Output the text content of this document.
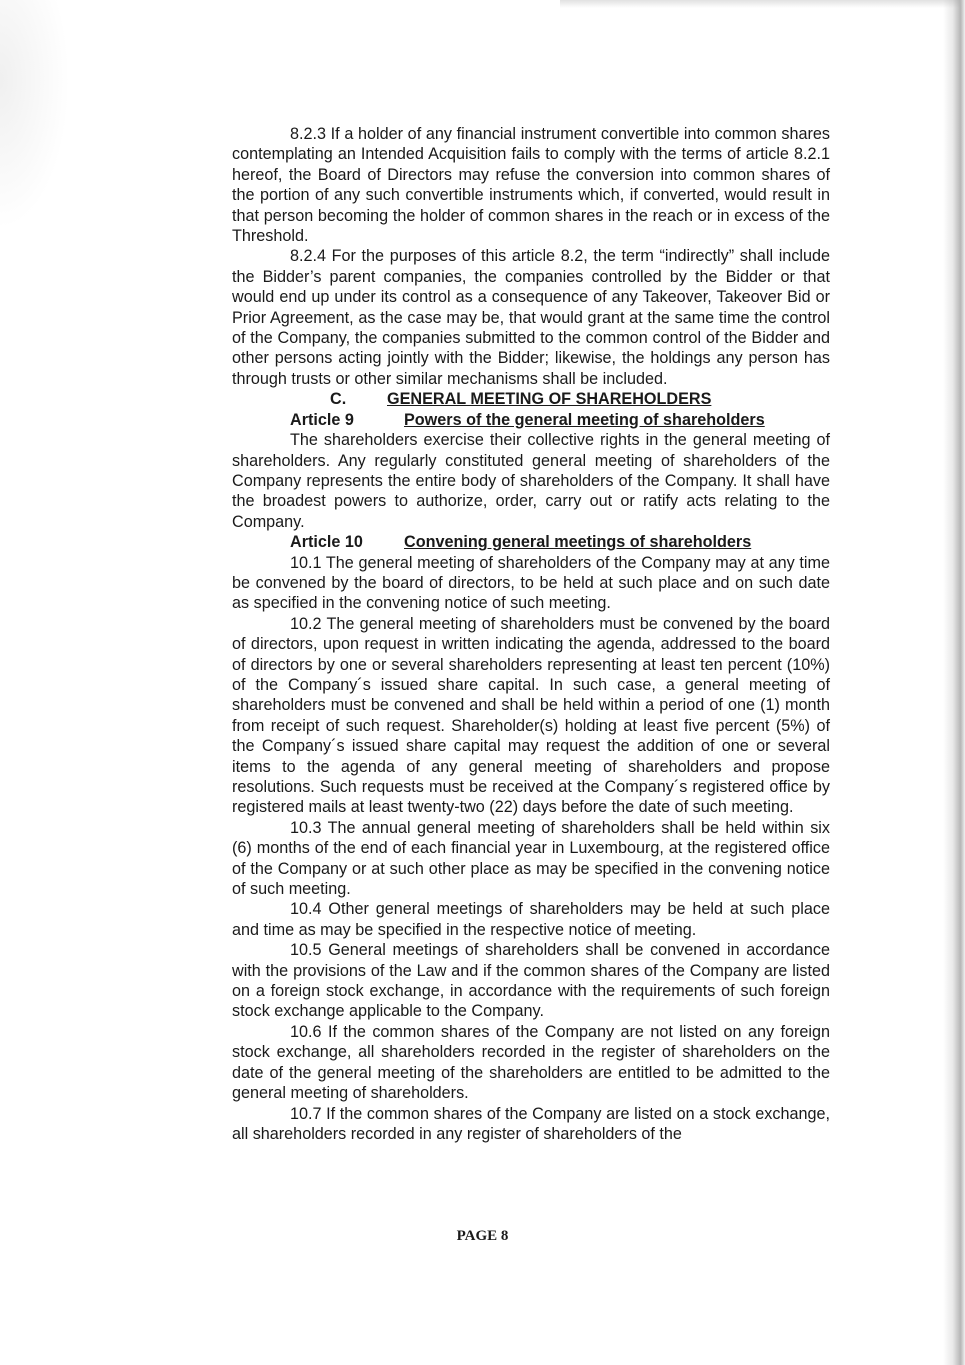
8.2.3 If a holder of any financial instrument convertible into common shares contemplating an Intended Acquisition fails to comply with the terms of article 8.2.1 hereof, the Board of Directors may refuse the conversion into common shares of the portion of any such convertible instruments which, if converted, would result in that person becoming the holder of common shares in the reach or in excess of the Threshold.

8.2.4 For the purposes of this article 8.2, the term “indirectly” shall include the Bidder’s parent companies, the companies controlled by the Bidder or that would end up under its control as a consequence of any Takeover, Takeover Bid or Prior Agreement, as the case may be, that would grant at the same time the control of the Company, the companies submitted to the common control of the Bidder and other persons acting jointly with the Bidder; likewise, the holdings any person has through trusts or other similar mechanisms shall be included.

C.	GENERAL MEETING OF SHAREHOLDERS
Article 9	Powers of the general meeting of shareholders

The shareholders exercise their collective rights in the general meeting of shareholders. Any regularly constituted general meeting of shareholders of the Company represents the entire body of shareholders of the Company. It shall have the broadest powers to authorize, order, carry out or ratify acts relating to the Company.

Article 10	Convening general meetings of shareholders

10.1 The general meeting of shareholders of the Company may at any time be convened by the board of directors, to be held at such place and on such date as specified in the convening notice of such meeting.

10.2 The general meeting of shareholders must be convened by the board of directors, upon request in written indicating the agenda, addressed to the board of directors by one or several shareholders representing at least ten percent (10%) of the Company´s issued share capital. In such case, a general meeting of shareholders must be convened and shall be held within a period of one (1) month from receipt of such request. Shareholder(s) holding at least five percent (5%) of the Company´s issued share capital may request the addition of one or several items to the agenda of any general meeting of shareholders and propose resolutions. Such requests must be received at the Company´s registered office by registered mails at least twenty-two (22) days before the date of such meeting.

10.3 The annual general meeting of shareholders shall be held within six (6) months of the end of each financial year in Luxembourg, at the registered office of the Company or at such other place as may be specified in the convening notice of such meeting.

10.4 Other general meetings of shareholders may be held at such place and time as may be specified in the respective notice of meeting.

10.5 General meetings of shareholders shall be convened in accordance with the provisions of the Law and if the common shares of the Company are listed on a foreign stock exchange, in accordance with the requirements of such foreign stock exchange applicable to the Company.

10.6 If the common shares of the Company are not listed on any foreign stock exchange, all shareholders recorded in the register of shareholders on the date of the general meeting of the shareholders are entitled to be admitted to the general meeting of shareholders.

10.7 If the common shares of the Company are listed on a stock exchange, all shareholders recorded in any register of shareholders of the

PAGE 8
